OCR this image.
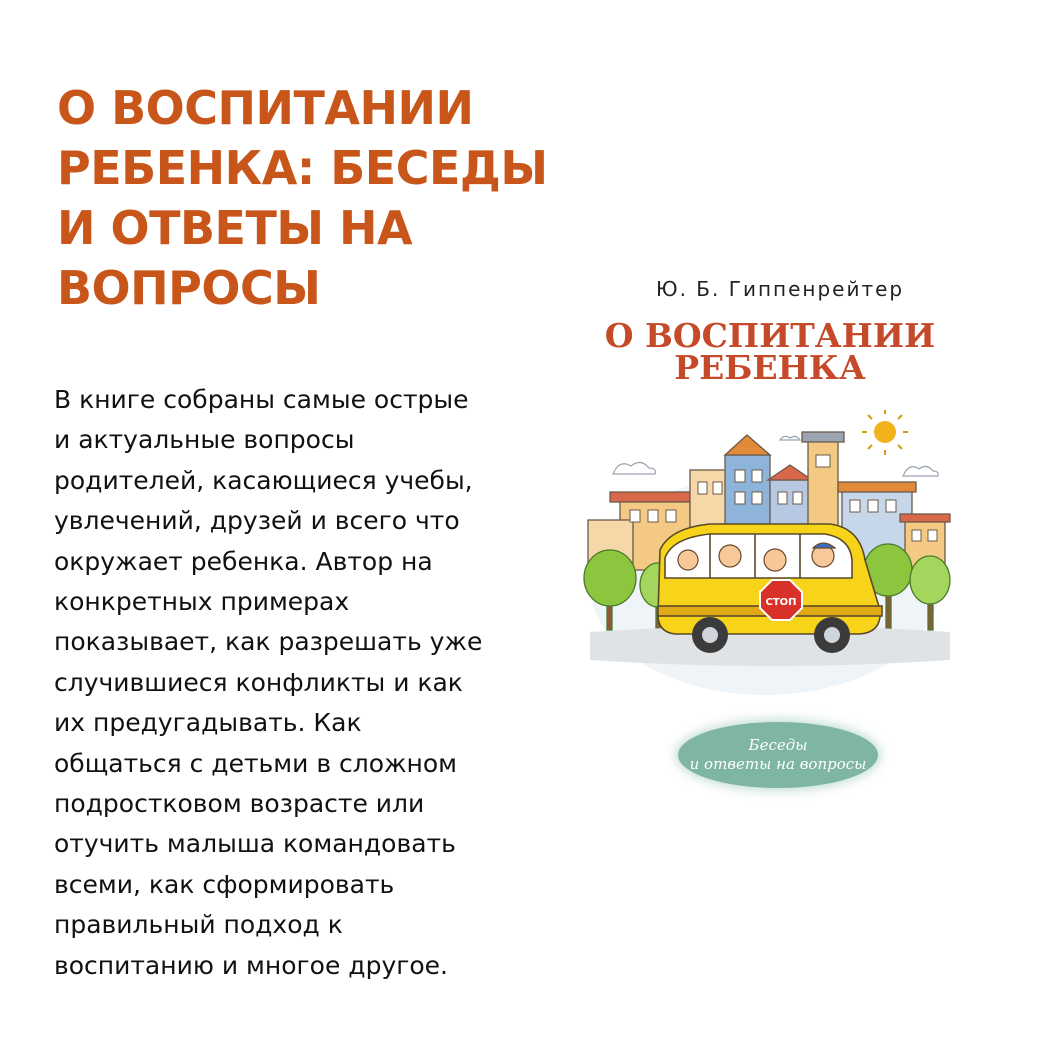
О ВОСПИТАНИИ
РЕБЕНКА: БЕСЕДЫ
И ОТВЕТЫ НА
ВОПРОСЫ

В книге собраны самые острые
и актуальные вопросы
родителей, касающиеся учебы,
увлечений, друзей и всего что
окружает ребенка. Автор на
конкретных примерах
показывает, как разрешать уже
случившиеся конфликты и как
их предугадывать. Как
общаться с детьми в сложном
подростковом возрасте или
отучить малыша командовать
всеми, как сформировать
правильный подход к
воспитанию и многое другое.

Ю. Б. Гиппенрейтер
О ВОСПИТАНИИ
РЕБЕНКА
СТОП
Беседы
и ответы на вопросы
